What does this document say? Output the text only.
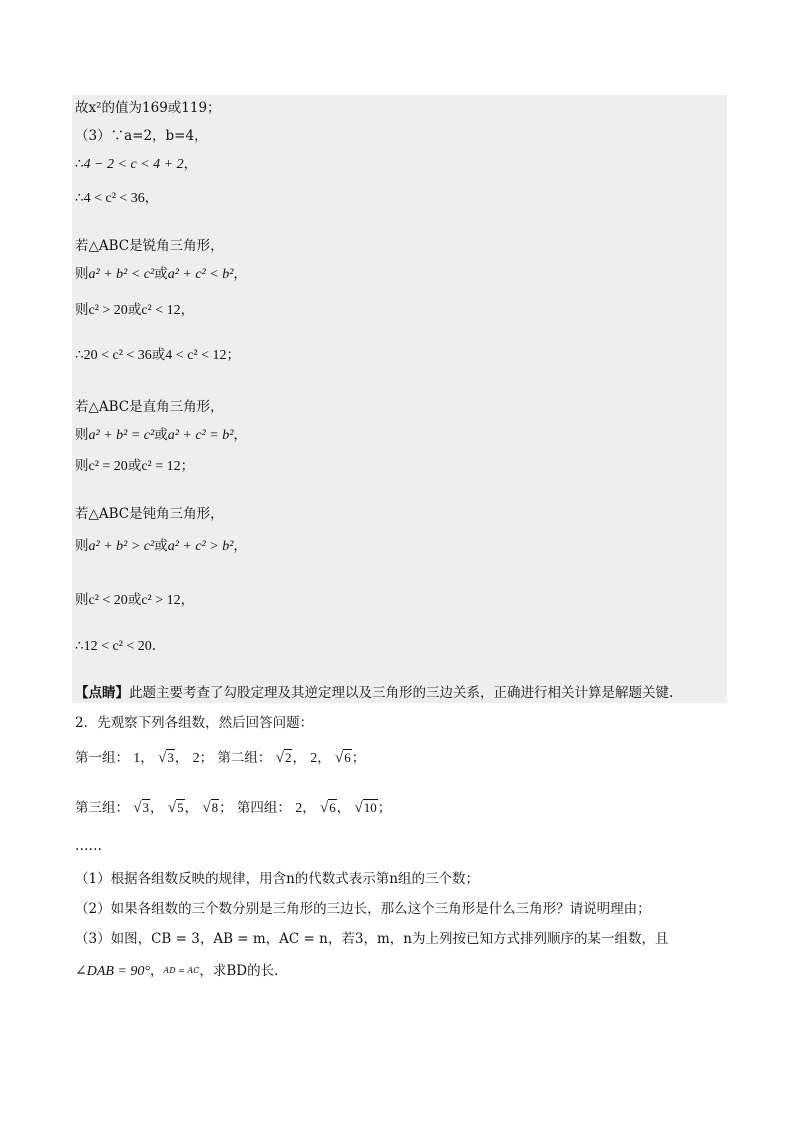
故x²的值为169或119；
（3）∵a=2，b=4，
∴4 − 2 < c < 4 + 2，
∴4 < c² < 36，
若△ABC是锐角三角形，
则a² + b² < c²或a² + c² < b²，
则c² > 20或c² < 12，
∴20 < c² < 36或4 < c² < 12；
若△ABC是直角三角形，
则a² + b² = c²或a² + c² = b²，
则c² = 20或c² = 12；
若△ABC是钝角三角形，
则a² + b² > c²或a² + c² > b²，
则c² < 20或c² > 12，
∴12 < c² < 20.
【点睛】此题主要考查了勾股定理及其逆定理以及三角形的三边关系，正确进行相关计算是解题关键.
2．先观察下列各组数，然后回答问题：
第一组： 1， √3， 2； 第二组： √2， 2， √6；
第三组： √3， √5， √8； 第四组： 2， √6， √10；
……
（1）根据各组数反映的规律，用含n的代数式表示第n组的三个数；
（2）如果各组数的三个数分别是三角形的三边长，那么这个三角形是什么三角形？请说明理由；
（3）如图，CB = 3，AB = m，AC = n，若3，m，n为上列按已知方式排列顺序的某一组数，且
∠DAB = 90°，AD = AC，求BD的长.
